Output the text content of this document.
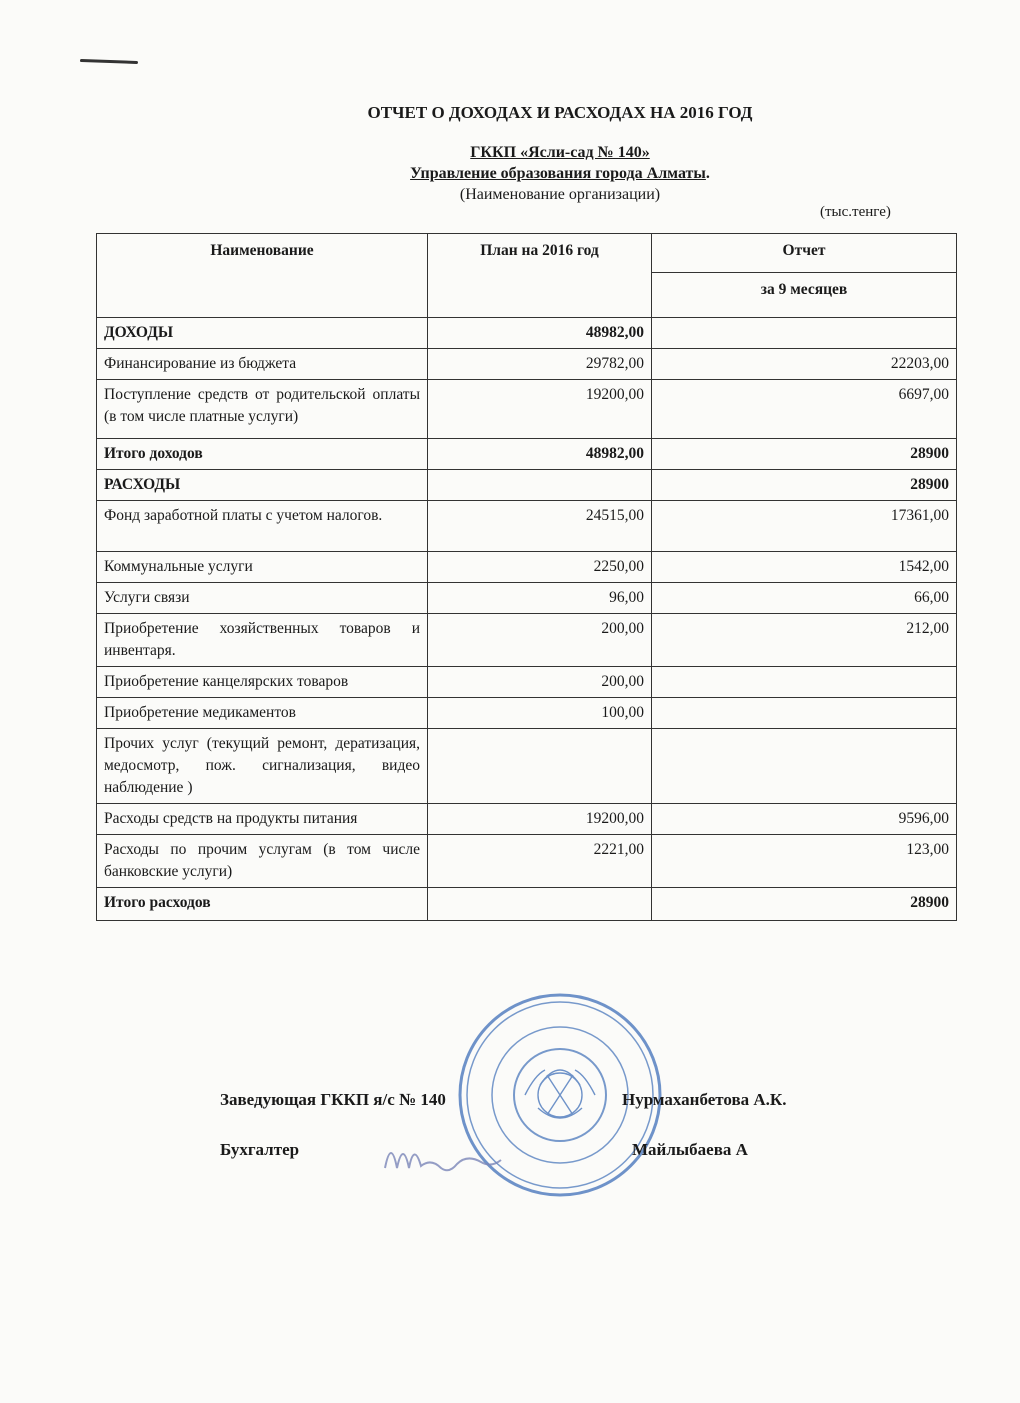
ОТЧЕТ О ДОХОДАХ И РАСХОДАХ НА 2016 ГОД
ГККП «Ясли-сад № 140»
Управление образования города Алматы.
(Наименование организации)
(тыс.тенге)
Наименование	План на 2016 год	Отчет
		за 9 месяцев
ДОХОДЫ	48982,00	
Финансирование из бюджета	29782,00	22203,00
Поступление средств от родительской оплаты (в том числе платные услуги)	19200,00	6697,00
Итого доходов	48982,00	28900
РАСХОДЫ		28900
Фонд заработной платы с учетом налогов.	24515,00	17361,00
Коммунальные услуги	2250,00	1542,00
Услуги связи	96,00	66,00
Приобретение хозяйственных товаров и инвентаря.	200,00	212,00
Приобретение канцелярских товаров	200,00	
Приобретение медикаментов	100,00	
Прочих услуг (текущий ремонт, дератизация, медосмотр, пож. сигнализация, видео наблюдение )		
Расходы средств на продукты питания	19200,00	9596,00
Расходы по прочим услугам (в том числе банковские услуги)	2221,00	123,00
Итого расходов		28900
Заведующая ГККП я/с № 140	Нурмаханбетова А.К.
Бухгалтер	Майлыбаева А
